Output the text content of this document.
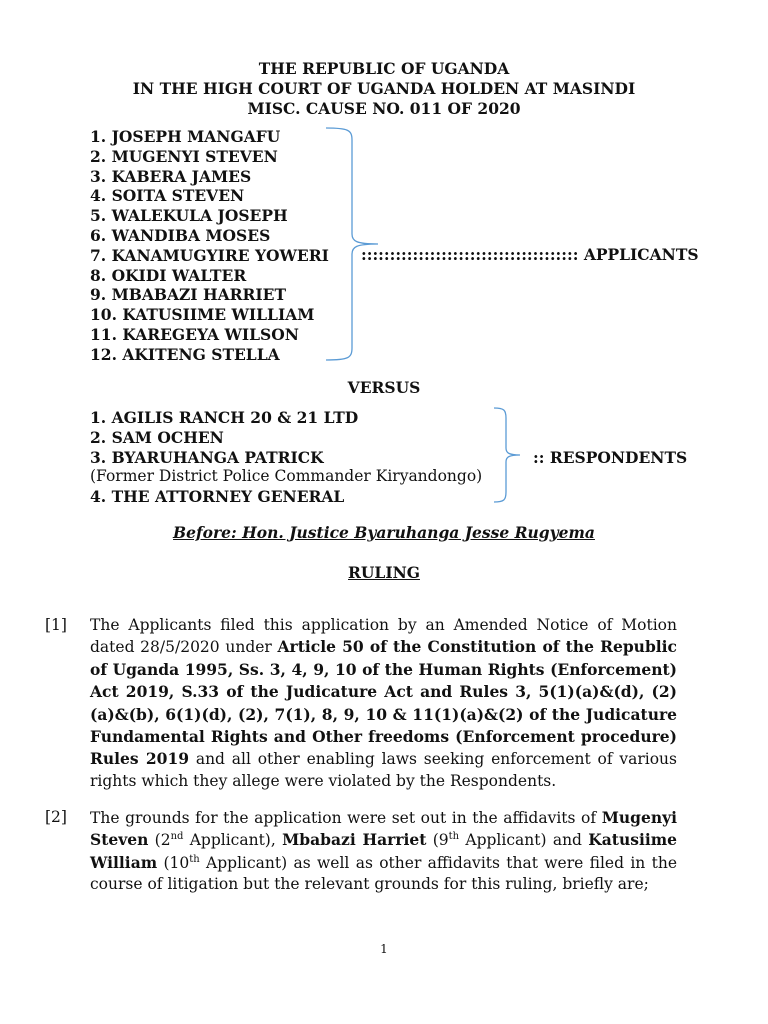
THE REPUBLIC OF UGANDA
IN THE HIGH COURT OF UGANDA HOLDEN AT MASINDI
MISC. CAUSE NO. 011 OF 2020
1. JOSEPH MANGAFU
2. MUGENYI STEVEN
3. KABERA JAMES
4. SOITA STEVEN
5. WALEKULA JOSEPH
6. WANDIBA MOSES
7. KANAMUGYIRE YOWERI
8. OKIDI WALTER
9. MBABAZI HARRIET
10. KATUSIIME WILLIAM
11. KAREGEYA WILSON
12. AKITENG STELLA
:::::::::::::::::::::::::::::::::::::: APPLICANTS
VERSUS
1. AGILIS RANCH 20 & 21 LTD
2. SAM OCHEN
3. BYARUHANGA PATRICK
(Former District Police Commander Kiryandongo)
4. THE ATTORNEY GENERAL
:: RESPONDENTS
Before: Hon. Justice Byaruhanga Jesse Rugyema
RULING
[1] The Applicants filed this application by an Amended Notice of Motion dated 28/5/2020 under Article 50 of the Constitution of the Republic of Uganda 1995, Ss. 3, 4, 9, 10 of the Human Rights (Enforcement) Act 2019, S.33 of the Judicature Act and Rules 3, 5(1)(a)&(d), (2)(a)&(b), 6(1)(d), (2), 7(1), 8, 9, 10 & 11(1)(a)&(2) of the Judicature Fundamental Rights and Other freedoms (Enforcement procedure) Rules 2019 and all other enabling laws seeking enforcement of various rights which they allege were violated by the Respondents.
[2] The grounds for the application were set out in the affidavits of Mugenyi Steven (2nd Applicant), Mbabazi Harriet (9th Applicant) and Katusiime William (10th Applicant) as well as other affidavits that were filed in the course of litigation but the relevant grounds for this ruling, briefly are;
1
